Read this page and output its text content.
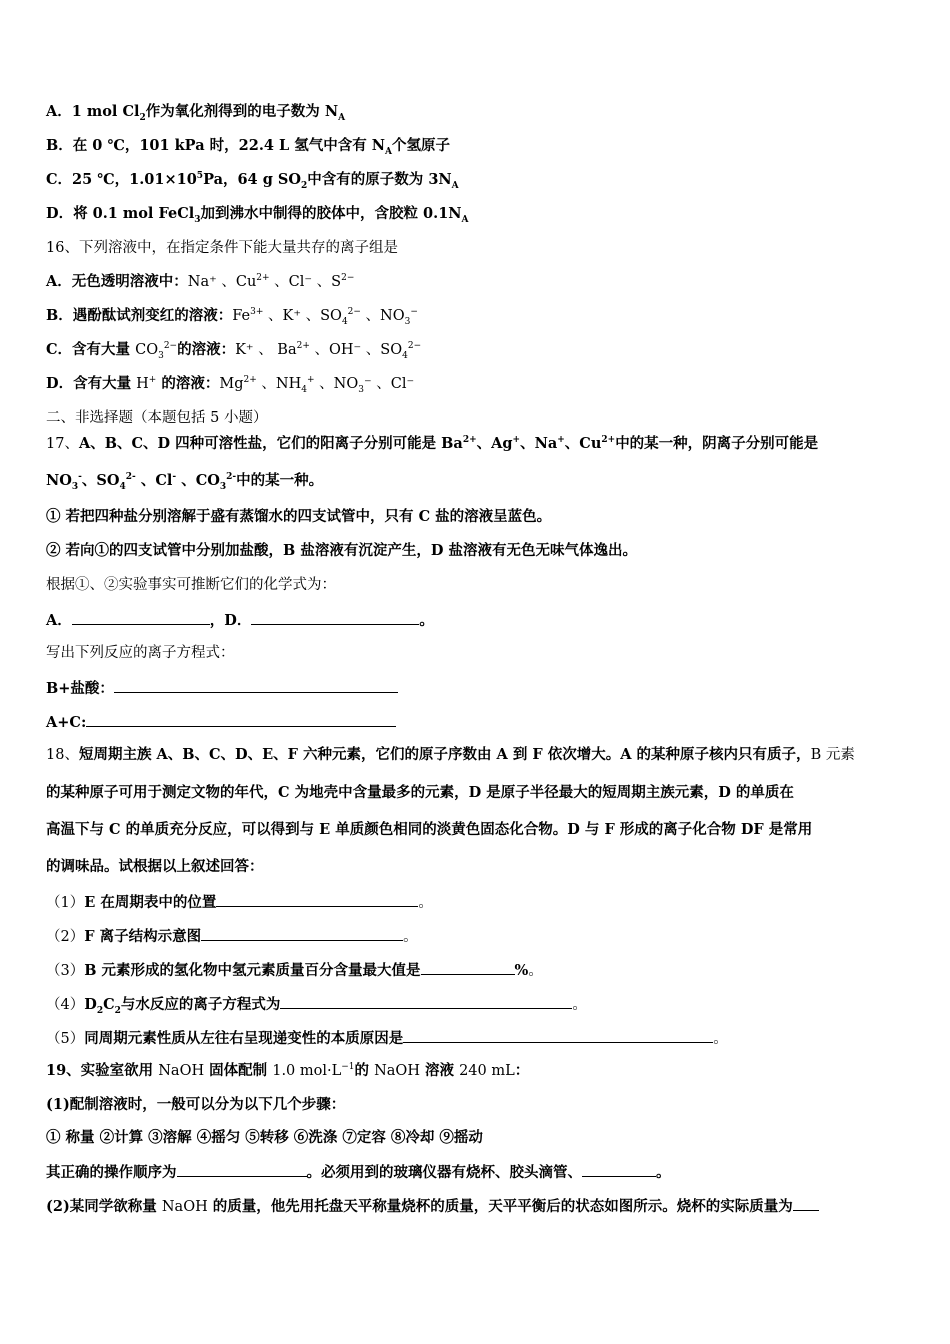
A．1 mol $Cl_2$作为氧化剂得到的电子数为 $N_A$
B．在 0 ℃，101 kPa 时，22.4 L 氢气中含有 $N_A$个氢原子
C．25 ℃，$1.01\times 10^5Pa$，64 g $SO_2$中含有的原子数为 $3N_A$
D．将 0.1 mol FeCl$_3$加到沸水中制得的胶体中，含胶粒 $0.1N_A$
16、下列溶液中，在指定条件下能大量共存的离子组是
A．无色透明溶液中：Na⁺ 、$Cu^{2+}$ 、Cl⁻ 、$S^{2-}$
B．遇酚酞试剂变红的溶液：$Fe^{3+}$ 、K⁺ 、$SO_4^{2-}$ 、$NO_3^-$
C．含有大量 $CO_3^{2-}$的溶液：K⁺ 、 $Ba^{2+}$ 、OH⁻ 、$SO_4^{2-}$
D．含有大量 H+ 的溶液：$Mg^{2+}$ 、$NH_4^+$ 、$NO_3^-$ 、Cl⁻
二、非选择题（本题包括 5 小题）
17、A、B、C、D 四种可溶性盐，它们的阳离子分别可能是 $Ba^{2+}$、Ag+、Na+、$Cu^{2+}$中的某一种，阴离子分别可能是
$NO_3^-$、$SO_4^{2-}$ 、Cl- 、$CO_3^{2-}$中的某一种。
① 若把四种盐分别溶解于盛有蒸馏水的四支试管中，只有 C 盐的溶液呈蓝色。
② 若向①的四支试管中分别加盐酸，B 盐溶液有沉淀产生，D 盐溶液有无色无味气体逸出。
根据①、②实验事实可推断它们的化学式为：
A．	，D．	。
写出下列反应的离子方程式：
B+盐酸：
A+C:
18、短周期主族 A、B、C、D、E、F 六种元素，它们的原子序数由 A 到 F 依次增大。A 的某种原子核内只有质子，B 元素
的某种原子可用于测定文物的年代，C 为地壳中含量最多的元素，D 是原子半径最大的短周期主族元素，D 的单质在
高温下与 C 的单质充分反应，可以得到与 E 单质颜色相同的淡黄色固态化合物。D 与 F 形成的离子化合物 DF 是常用
的调味品。试根据以上叙述回答：
（1）E 在周期表中的位置	。
（2）F 离子结构示意图	。
（3）B 元素形成的氢化物中氢元素质量百分含量最大值是	%。
$(4)D_2C_2$与水反应的离子方程式为	。
（5）同周期元素性质从左往右呈现递变性的本质原因是	。
19、实验室欲用 NaOH 固体配制 1.0 $mol\cdot L^{-1}$的 NaOH 溶液 240 mL：
(1)配制溶液时，一般可以分为以下几个步骤：
① 称量 ②计算 ③溶解 ④摇匀 ⑤转移 ⑥洗涤 ⑦定容 ⑧冷却 ⑨摇动
其正确的操作顺序为	。必须用到的玻璃仪器有烧杯、胶头滴管、	。
(2)某同学欲称量 NaOH 的质量，他先用托盘天平称量烧杯的质量，天平平衡后的状态如图所示。烧杯的实际质量为
